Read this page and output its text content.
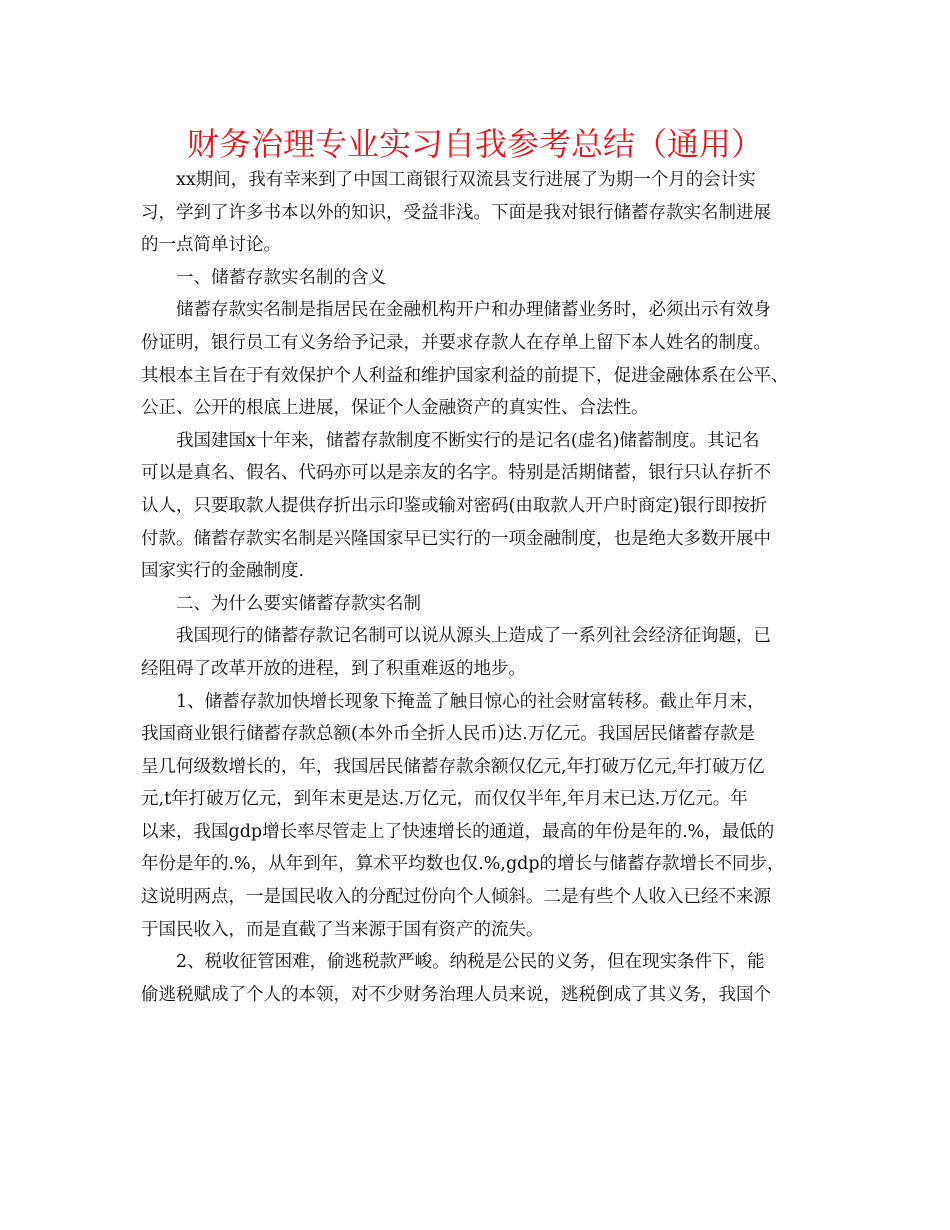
财务治理专业实习自我参考总结（通用）
xx期间，我有幸来到了中国工商银行双流县支行进展了为期一个月的会计实
习，学到了许多书本以外的知识，受益非浅。下面是我对银行储蓄存款实名制进展
的一点简单讨论。
一、储蓄存款实名制的含义
储蓄存款实名制是指居民在金融机构开户和办理储蓄业务时，必须出示有效身
份证明，银行员工有义务给予记录，并要求存款人在存单上留下本人姓名的制度。
其根本主旨在于有效保护个人利益和维护国家利益的前提下，促进金融体系在公平、
公正、公开的根底上进展，保证个人金融资产的真实性、合法性。
我国建国x十年来，储蓄存款制度不断实行的是记名(虚名)储蓄制度。其记名
可以是真名、假名、代码亦可以是亲友的名字。特别是活期储蓄，银行只认存折不
认人，只要取款人提供存折出示印鉴或输对密码(由取款人开户时商定)银行即按折
付款。储蓄存款实名制是兴隆国家早已实行的一项金融制度，也是绝大多数开展中
国家实行的金融制度.
二、为什么要实储蓄存款实名制
我国现行的储蓄存款记名制可以说从源头上造成了一系列社会经济征询题，已
经阻碍了改革开放的进程，到了积重难返的地步。
1、储蓄存款加快增长现象下掩盖了触目惊心的社会财富转移。截止年月末，
我国商业银行储蓄存款总额(本外币全折人民币)达.万亿元。我国居民储蓄存款是
呈几何级数增长的，年，我国居民储蓄存款余额仅亿元,年打破万亿元,年打破万亿
元,t年打破万亿元，到年末更是达.万亿元，而仅仅半年,年月末已达.万亿元。年
以来，我国gdp增长率尽管走上了快速增长的通道，最高的年份是年的.%，最低的
年份是年的.%，从年到年，算术平均数也仅.%,gdp的增长与储蓄存款增长不同步，
这说明两点，一是国民收入的分配过份向个人倾斜。二是有些个人收入已经不来源
于国民收入，而是直截了当来源于国有资产的流失。
2、税收征管困难，偷逃税款严峻。纳税是公民的义务，但在现实条件下，能
偷逃税赋成了个人的本领，对不少财务治理人员来说，逃税倒成了其义务，我国个
